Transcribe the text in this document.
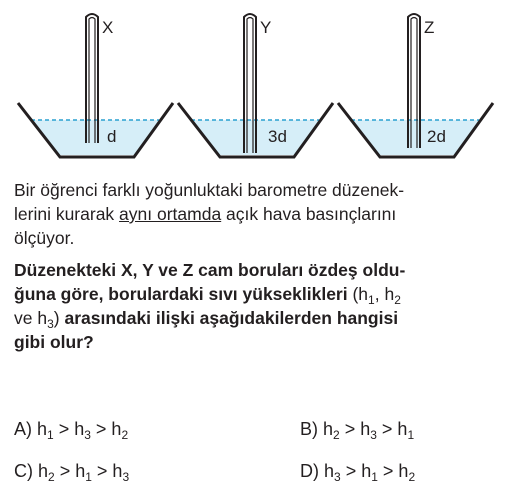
X
d
Y
3d
Z
2d
Bir öğrenci farklı yoğunluktaki barometre düzenek-
lerini kurarak aynı ortamda açık hava basınçlarını
ölçüyor.
Düzenekteki X, Y ve Z cam boruları özdeş oldu-
ğuna göre, borulardaki sıvı yükseklikleri ($h_1$, $h_2$
ve $h_3$) arasındaki ilişki aşağıdakilerden hangisi
gibi olur?
A) $h_1 > h_3 > h_2$	B) $h_2 > h_3 > h_1$
C) $h_2 > h_1 > h_3$	D) $h_3 > h_1 > h_2$
